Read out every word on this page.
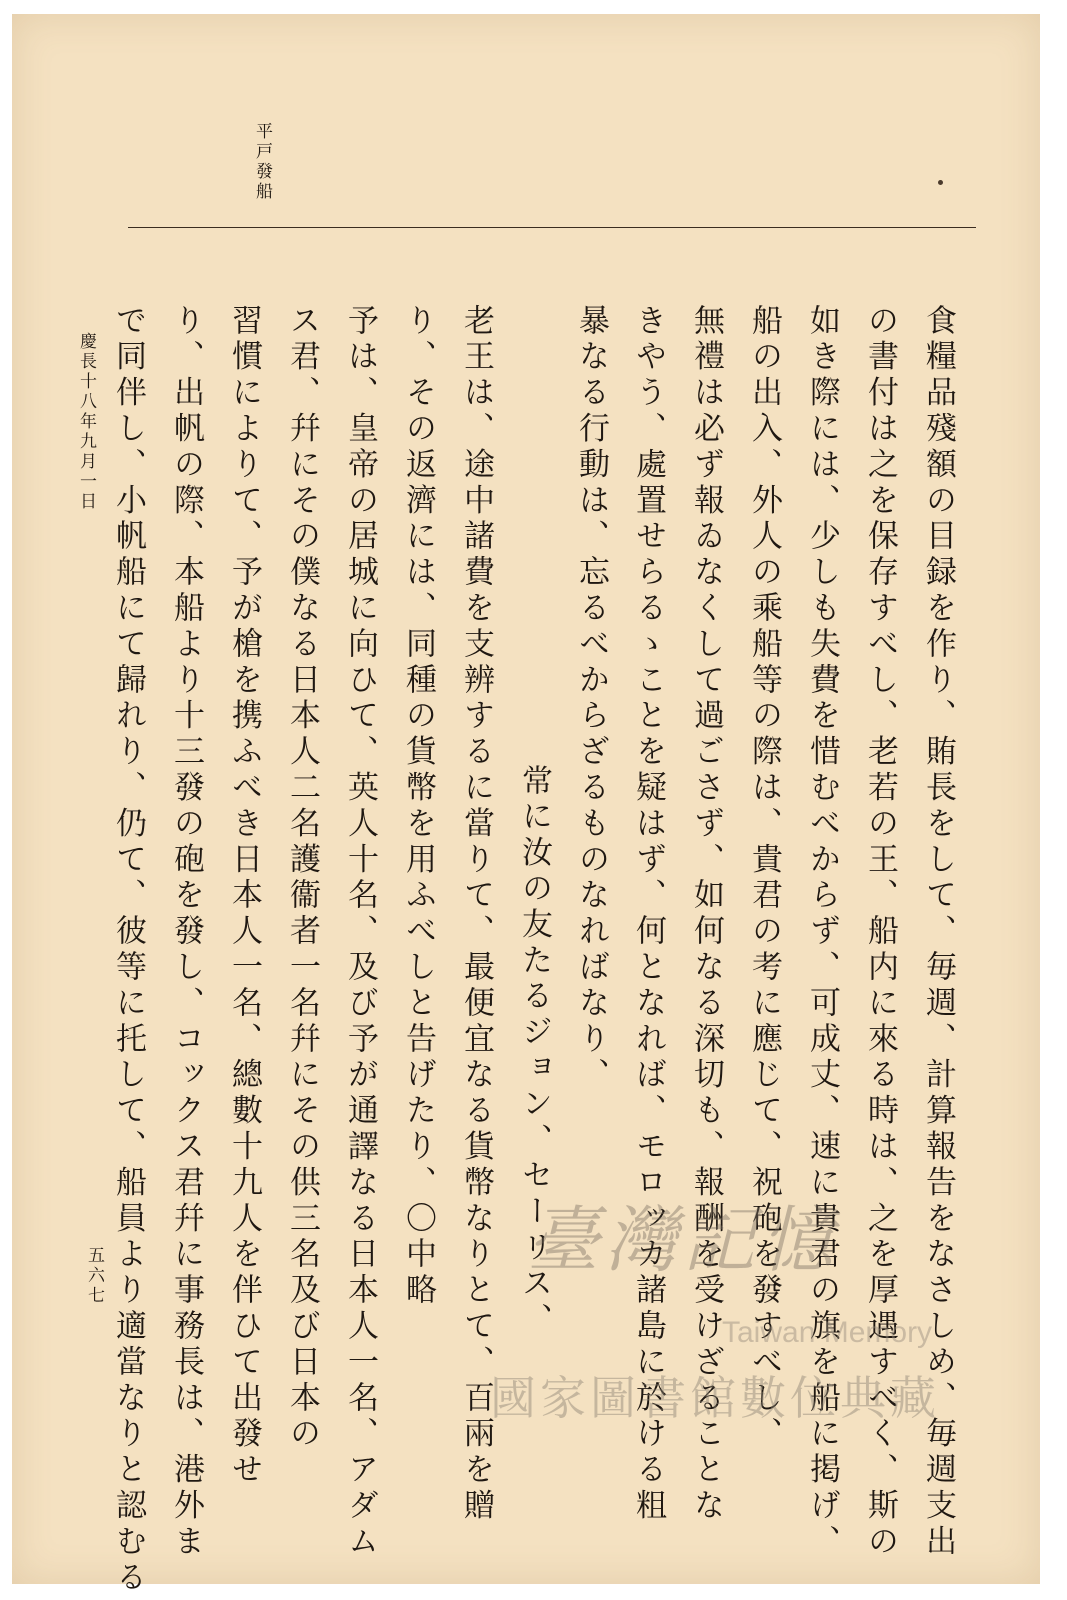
平戸發船
食糧品殘額の目録を作り、賄長をして、毎週、計算報告をなさしめ、毎週支出
の書付は之を保存すべし、老若の王、船内に來る時は、之を厚遇すべく、斯の
如き際には、少しも失費を惜むべからず、可成丈、速に貴君の旗を船に掲げ、
船の出入、外人の乘船等の際は、貴君の考に應じて、祝砲を發すべし、
無禮は必ず報ゐなくして過ごさず、如何なる深切も、報酬を受けざることな
きやう、處置せらるゝことを疑はず、何となれば、モロッカ諸島に於ける粗
暴なる行動は、忘るべからざるものなればなり、
常に汝の友たるジョン、セーリス、
老王は、途中諸費を支辨するに當りて、最便宜なる貨幣なりとて、百兩を贈
り、その返濟には、同種の貨幣を用ふべしと告げたり、〇中略
予は、皇帝の居城に向ひて、英人十名、及び予が通譯なる日本人一名、アダム
ス君、幷にその僕なる日本人二名護衞者一名幷にその供三名及び日本の
習慣によりて、予が槍を携ふべき日本人一名、總數十九人を伴ひて出發せ
り、出帆の際、本船より十三發の砲を發し、コックス君幷に事務長は、港外ま
で同伴し、小帆船にて歸れり、仍て、彼等に托して、船員より適當なりと認むる
慶長十八年九月一日
五六七	臺灣記憶
Taiwan Memory
國家圖書館數位典藏
